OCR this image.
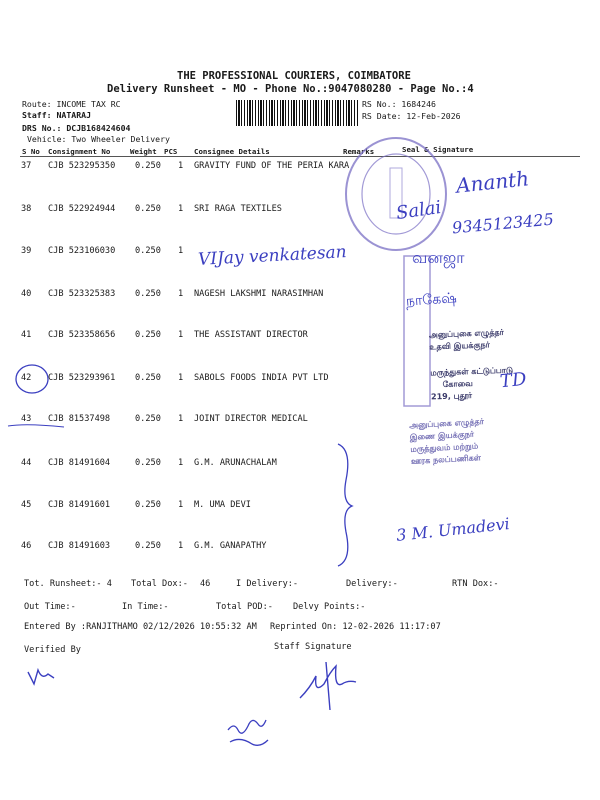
THE PROFESSIONAL COURIERS, COIMBATORE
Delivery Runsheet - MO - Phone No.:9047080280 - Page No.:4
Route: INCOME TAX RC
Staff: NATARAJ
DRS No.: DCJB168424604
Vehicle: Two Wheeler Delivery
RS No.: 1684246
RS Date: 12-Feb-2026
S No Consignment No	Weight PCS Consignee Details	Remarks	Seal & Signature
37 CJB 523295350 0.250 1 GRAVITY FUND OF THE PERIA KARA
38 CJB 522924944 0.250 1 SRI RAGA TEXTILES
39 CJB 523106030 0.250 1
40 CJB 523325383 0.250 1 NAGESH LAKSHMI NARASIMHAN
41 CJB 523358656 0.250 1 THE ASSISTANT DIRECTOR
42 CJB 523293961 0.250 1 SABOLS FOODS INDIA PVT LTD
43 CJB 81537498	0.250 1 JOINT DIRECTOR MEDICAL
44 CJB 81491604	0.250 1 G.M. ARUNACHALAM
45 CJB 81491601	0.250 1 M. UMA DEVI
46 CJB 81491603	0.250 1 G.M. GANAPATHY
Ananth
Salai 9345123425
VIJay venkatesan	வனஜா
நாகேஷ்
அனுப்புகை எழுத்தர்
உதவி இயக்குநர்
மருந்துகள் கட்டுப்பாடு
கோவை
219, புதூர்
TD
அனுப்புகை எழுத்தர்
இணை இயக்குநர்
மருத்துவம் மற்றும்
ஊரக நலப்பணிகள்
3 M. Umadevi
Tot. Runsheet:- 4 Total Dox:- 46	I Delivery:-	Delivery:-	RTN Dox:-
Out Time:-	In Time:-	Total POD:- Delvy Points:-
Entered By :RANJITHAMO 02/12/2026 10:55:32 AM Reprinted On: 12-02-2026 11:17:07
Verified By	Staff Signature
